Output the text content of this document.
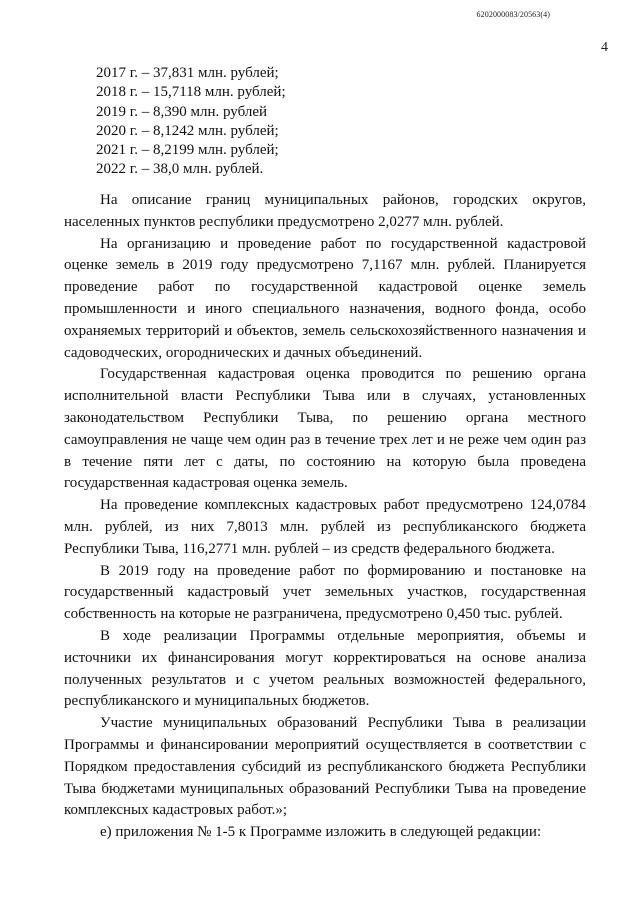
6202000083/20563(4)
4
2017 г. – 37,831 млн. рублей;
2018 г. – 15,7118 млн. рублей;
2019 г. – 8,390 млн. рублей
2020 г. – 8,1242 млн. рублей;
2021 г. – 8,2199 млн. рублей;
2022 г. – 38,0 млн. рублей.

На описание границ муниципальных районов, городских округов, населенных пунктов республики предусмотрено 2,0277 млн. рублей.

На организацию и проведение работ по государственной кадастровой оценке земель в 2019 году предусмотрено 7,1167 млн. рублей. Планируется проведение работ по государственной кадастровой оценке земель промышленности и иного специального назначения, водного фонда, особо охраняемых территорий и объектов, земель сельскохозяйственного назначения и садоводческих, огороднических и дачных объединений.

Государственная кадастровая оценка проводится по решению органа исполнительной власти Республики Тыва или в случаях, установленных законодательством Республики Тыва, по решению органа местного самоуправления не чаще чем один раз в течение трех лет и не реже чем один раз в течение пяти лет с даты, по состоянию на которую была проведена государственная кадастровая оценка земель.

На проведение комплексных кадастровых работ предусмотрено 124,0784 млн. рублей, из них 7,8013 млн. рублей из республиканского бюджета Республики Тыва, 116,2771 млн. рублей – из средств федерального бюджета.

В 2019 году на проведение работ по формированию и постановке на государственный кадастровый учет земельных участков, государственная собственность на которые не разграничена, предусмотрено 0,450 тыс. рублей.

В ходе реализации Программы отдельные мероприятия, объемы и источники их финансирования могут корректироваться на основе анализа полученных результатов и с учетом реальных возможностей федерального, республиканского и муниципальных бюджетов.

Участие муниципальных образований Республики Тыва в реализации Программы и финансировании мероприятий осуществляется в соответствии с Порядком предоставления субсидий из республиканского бюджета Республики Тыва бюджетами муниципальных образований Республики Тыва на проведение комплексных кадастровых работ.»;

е) приложения № 1-5 к Программе изложить в следующей редакции:
